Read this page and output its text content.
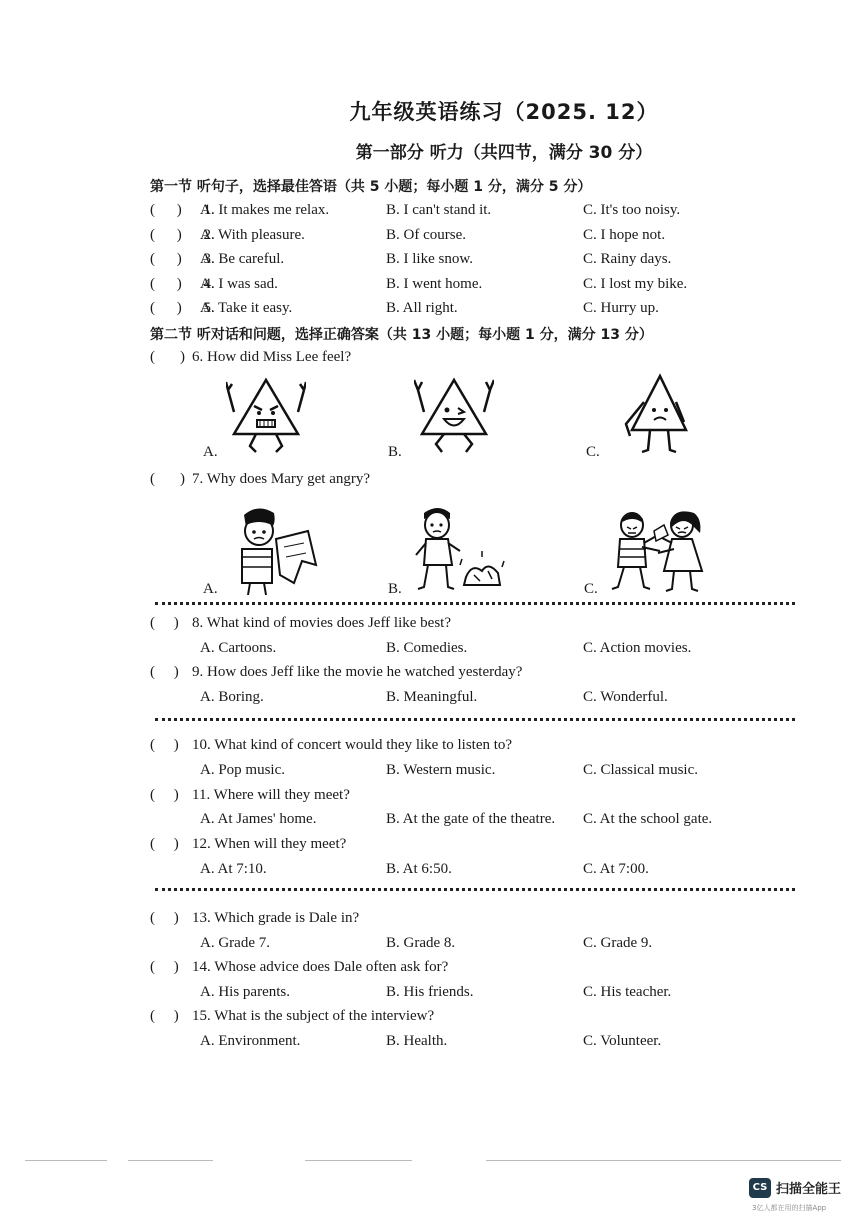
九年级英语练习（2025. 12）
第一部分 听力（共四节，满分 30 分）
第一节 听句子，选择最佳答语（共 5 小题；每小题 1 分，满分 5 分）
( ) 1.
A. It makes me relax.	B. I can't stand it.	C. It's too noisy.
( ) 2.
A. With pleasure.	B. Of course.	C. I hope not.
( ) 3.
A. Be careful.	B. I like snow.	C. Rainy days.
( ) 4.
A. I was sad.	B. I went home.	C. I lost my bike.
( ) 5.
A. Take it easy.	B. All right.	C. Hurry up.
第二节 听对话和问题，选择正确答案（共 13 小题；每小题 1 分，满分 13 分）
( ) 6. How did Miss Lee feel?
A.	B.	C.
( ) 7. Why does Mary get angry?
A.	B.	C.
(     ) 8. What kind of movies does Jeff like best?
A. Cartoons.	B. Comedies.	C. Action movies.
(     ) 9. How does Jeff like the movie he watched yesterday?
A. Boring.	B. Meaningful.	C. Wonderful.
(     ) 10. What kind of concert would they like to listen to?
A. Pop music.	B. Western music.	C. Classical music.
(     ) 11. Where will they meet?
A. At James' home.	B. At the gate of the theatre. C. At the school gate.
(     ) 12. When will they meet?
A. At 7:10.	B. At 6:50.	C. At 7:00.
(     ) 13. Which grade is Dale in?
A. Grade 7.	B. Grade 8.	C. Grade 9.
(     ) 14. Whose advice does Dale often ask for?
A. His parents.	B. His friends.	C. His teacher.
(     ) 15. What is the subject of the interview?
A. Environment.	B. Health.	C. Volunteer.
CS 扫描全能王
3亿人都在用的扫描App
